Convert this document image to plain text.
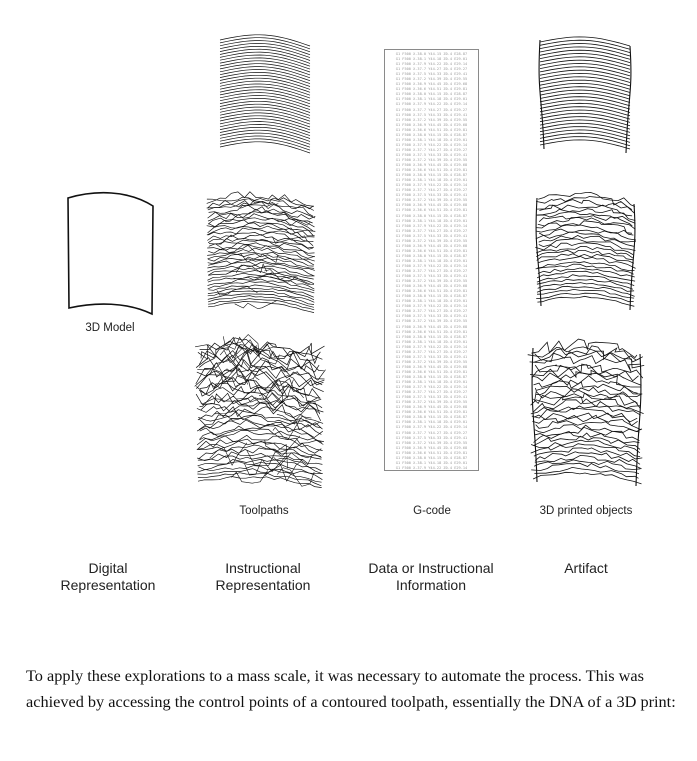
G1 F500 X-38.0 Y44.15 Z0.4 E28.87
G1 F500 X-38.1 Y44.18 Z0.4 E29.01
G1 F500 X-37.9 Y44.22 Z0.4 E29.14
G1 F500 X-37.7 Y44.27 Z0.4 E29.27
G1 F500 X-37.5 Y44.33 Z0.4 E29.41
G1 F500 X-37.2 Y44.39 Z0.4 E29.55
G1 F500 X-36.9 Y44.45 Z0.4 E29.68
G1 F500 X-36.6 Y44.51 Z0.4 E29.81
G1 F500 X-38.0 Y44.15 Z0.4 E28.87
G1 F500 X-38.1 Y44.18 Z0.4 E29.01
G1 F500 X-37.9 Y44.22 Z0.4 E29.14
G1 F500 X-37.7 Y44.27 Z0.4 E29.27
G1 F500 X-37.5 Y44.33 Z0.4 E29.41
G1 F500 X-37.2 Y44.39 Z0.4 E29.55
G1 F500 X-36.9 Y44.45 Z0.4 E29.68
G1 F500 X-36.6 Y44.51 Z0.4 E29.81
G1 F500 X-38.0 Y44.15 Z0.4 E28.87
G1 F500 X-38.1 Y44.18 Z0.4 E29.01
G1 F500 X-37.9 Y44.22 Z0.4 E29.14
G1 F500 X-37.7 Y44.27 Z0.4 E29.27
G1 F500 X-37.5 Y44.33 Z0.4 E29.41
G1 F500 X-37.2 Y44.39 Z0.4 E29.55
G1 F500 X-36.9 Y44.45 Z0.4 E29.68
G1 F500 X-36.6 Y44.51 Z0.4 E29.81
G1 F500 X-38.0 Y44.15 Z0.4 E28.87
G1 F500 X-38.1 Y44.18 Z0.4 E29.01
G1 F500 X-37.9 Y44.22 Z0.4 E29.14
G1 F500 X-37.7 Y44.27 Z0.4 E29.27
G1 F500 X-37.5 Y44.33 Z0.4 E29.41
G1 F500 X-37.2 Y44.39 Z0.4 E29.55
G1 F500 X-36.9 Y44.45 Z0.4 E29.68
G1 F500 X-36.6 Y44.51 Z0.4 E29.81
G1 F500 X-38.0 Y44.15 Z0.4 E28.87
G1 F500 X-38.1 Y44.18 Z0.4 E29.01
G1 F500 X-37.9 Y44.22 Z0.4 E29.14
G1 F500 X-37.7 Y44.27 Z0.4 E29.27
G1 F500 X-37.5 Y44.33 Z0.4 E29.41
G1 F500 X-37.2 Y44.39 Z0.4 E29.55
G1 F500 X-36.9 Y44.45 Z0.4 E29.68
G1 F500 X-36.6 Y44.51 Z0.4 E29.81
G1 F500 X-38.0 Y44.15 Z0.4 E28.87
G1 F500 X-38.1 Y44.18 Z0.4 E29.01
G1 F500 X-37.9 Y44.22 Z0.4 E29.14
G1 F500 X-37.7 Y44.27 Z0.4 E29.27
G1 F500 X-37.5 Y44.33 Z0.4 E29.41
G1 F500 X-37.2 Y44.39 Z0.4 E29.55
G1 F500 X-36.9 Y44.45 Z0.4 E29.68
G1 F500 X-36.6 Y44.51 Z0.4 E29.81
G1 F500 X-38.0 Y44.15 Z0.4 E28.87
G1 F500 X-38.1 Y44.18 Z0.4 E29.01
G1 F500 X-37.9 Y44.22 Z0.4 E29.14
G1 F500 X-37.7 Y44.27 Z0.4 E29.27
G1 F500 X-37.5 Y44.33 Z0.4 E29.41
G1 F500 X-37.2 Y44.39 Z0.4 E29.55
G1 F500 X-36.9 Y44.45 Z0.4 E29.68
G1 F500 X-36.6 Y44.51 Z0.4 E29.81
G1 F500 X-38.0 Y44.15 Z0.4 E28.87
G1 F500 X-38.1 Y44.18 Z0.4 E29.01
G1 F500 X-37.9 Y44.22 Z0.4 E29.14
G1 F500 X-37.7 Y44.27 Z0.4 E29.27
G1 F500 X-37.5 Y44.33 Z0.4 E29.41
G1 F500 X-37.2 Y44.39 Z0.4 E29.55
G1 F500 X-36.9 Y44.45 Z0.4 E29.68
G1 F500 X-36.6 Y44.51 Z0.4 E29.81
G1 F500 X-38.0 Y44.15 Z0.4 E28.87
G1 F500 X-38.1 Y44.18 Z0.4 E29.01
G1 F500 X-37.9 Y44.22 Z0.4 E29.14
G1 F500 X-37.7 Y44.27 Z0.4 E29.27
G1 F500 X-37.5 Y44.33 Z0.4 E29.41
G1 F500 X-37.2 Y44.39 Z0.4 E29.55
G1 F500 X-36.9 Y44.45 Z0.4 E29.68
G1 F500 X-36.6 Y44.51 Z0.4 E29.81
G1 F500 X-38.0 Y44.15 Z0.4 E28.87
G1 F500 X-38.1 Y44.18 Z0.4 E29.01
G1 F500 X-37.9 Y44.22 Z0.4 E29.14
G1 F500 X-37.7 Y44.27 Z0.4 E29.27
G1 F500 X-37.5 Y44.33 Z0.4 E29.41
G1 F500 X-37.2 Y44.39 Z0.4 E29.55
G1 F500 X-36.9 Y44.45 Z0.4 E29.68
G1 F500 X-36.6 Y44.51 Z0.4 E29.81
G1 F500 X-38.0 Y44.15 Z0.4 E28.87
G1 F500 X-38.1 Y44.18 Z0.4 E29.01
G1 F500 X-37.9 Y44.22 Z0.4 E29.14
3D Model
Toolpaths	G-code	3D printed objects
Digital
Representation
Instructional
Representation
Data or Instructional
Information
Artifact
To apply these explorations to a mass scale, it was necessary to automate the process. This was achieved by accessing the control points of a contoured toolpath, essentially the DNA of a 3D print:
